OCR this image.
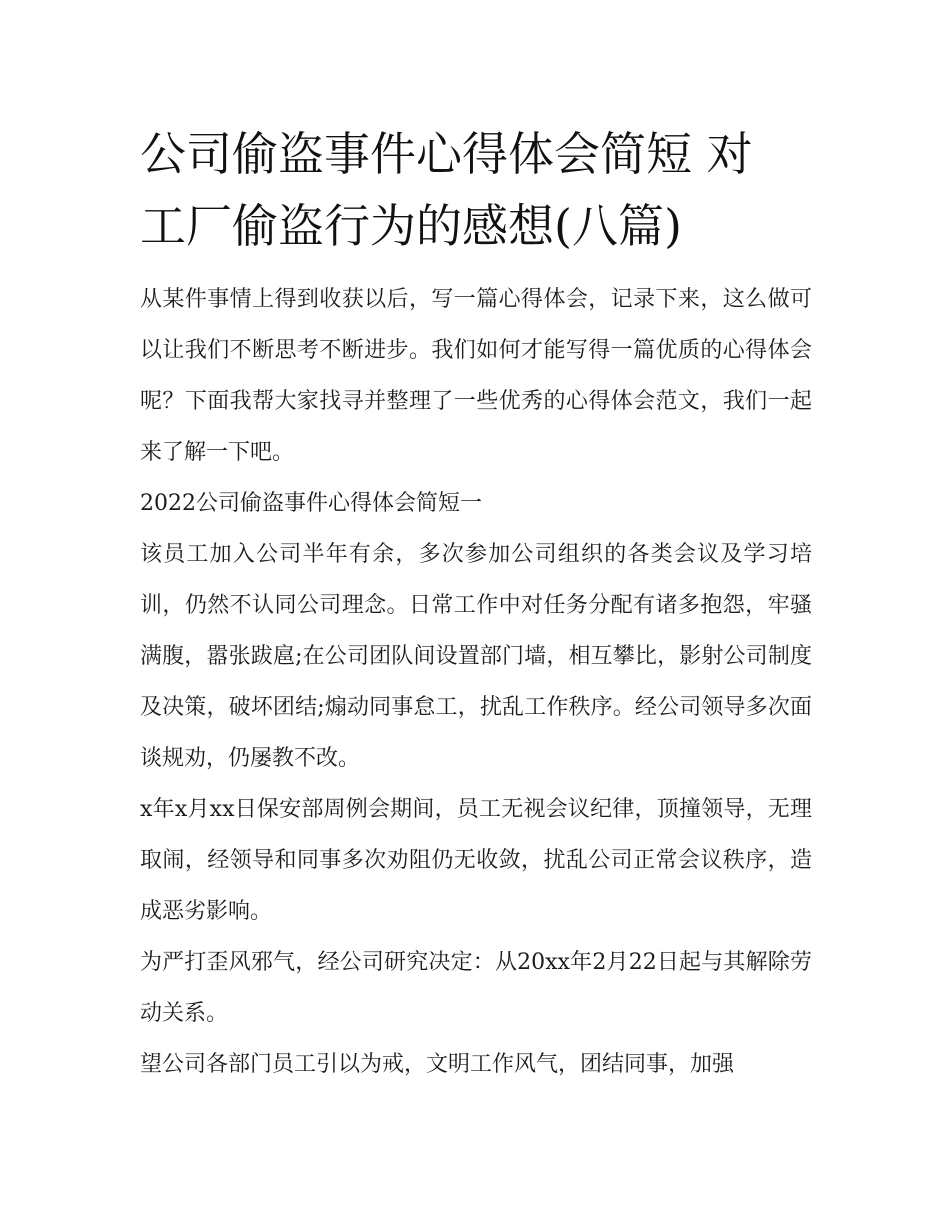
公司偷盗事件心得体会简短 对
工厂偷盗行为的感想(八篇)

从某件事情上得到收获以后，写一篇心得体会，记录下来，这么做可以让我们不断思考不断进步。我们如何才能写得一篇优质的心得体会呢？下面我帮大家找寻并整理了一些优秀的心得体会范文，我们一起来了解一下吧。

2022公司偷盗事件心得体会简短一

该员工加入公司半年有余，多次参加公司组织的各类会议及学习培训，仍然不认同公司理念。日常工作中对任务分配有诸多抱怨，牢骚满腹，嚣张跋扈;在公司团队间设置部门墙，相互攀比，影射公司制度及决策，破坏团结;煽动同事怠工，扰乱工作秩序。经公司领导多次面谈规劝，仍屡教不改。

x年x月xx日保安部周例会期间，员工无视会议纪律，顶撞领导，无理取闹，经领导和同事多次劝阻仍无收敛，扰乱公司正常会议秩序，造成恶劣影响。

为严打歪风邪气，经公司研究决定：从20xx年2月22日起与其解除劳动关系。

望公司各部门员工引以为戒，文明工作风气，团结同事，加强
